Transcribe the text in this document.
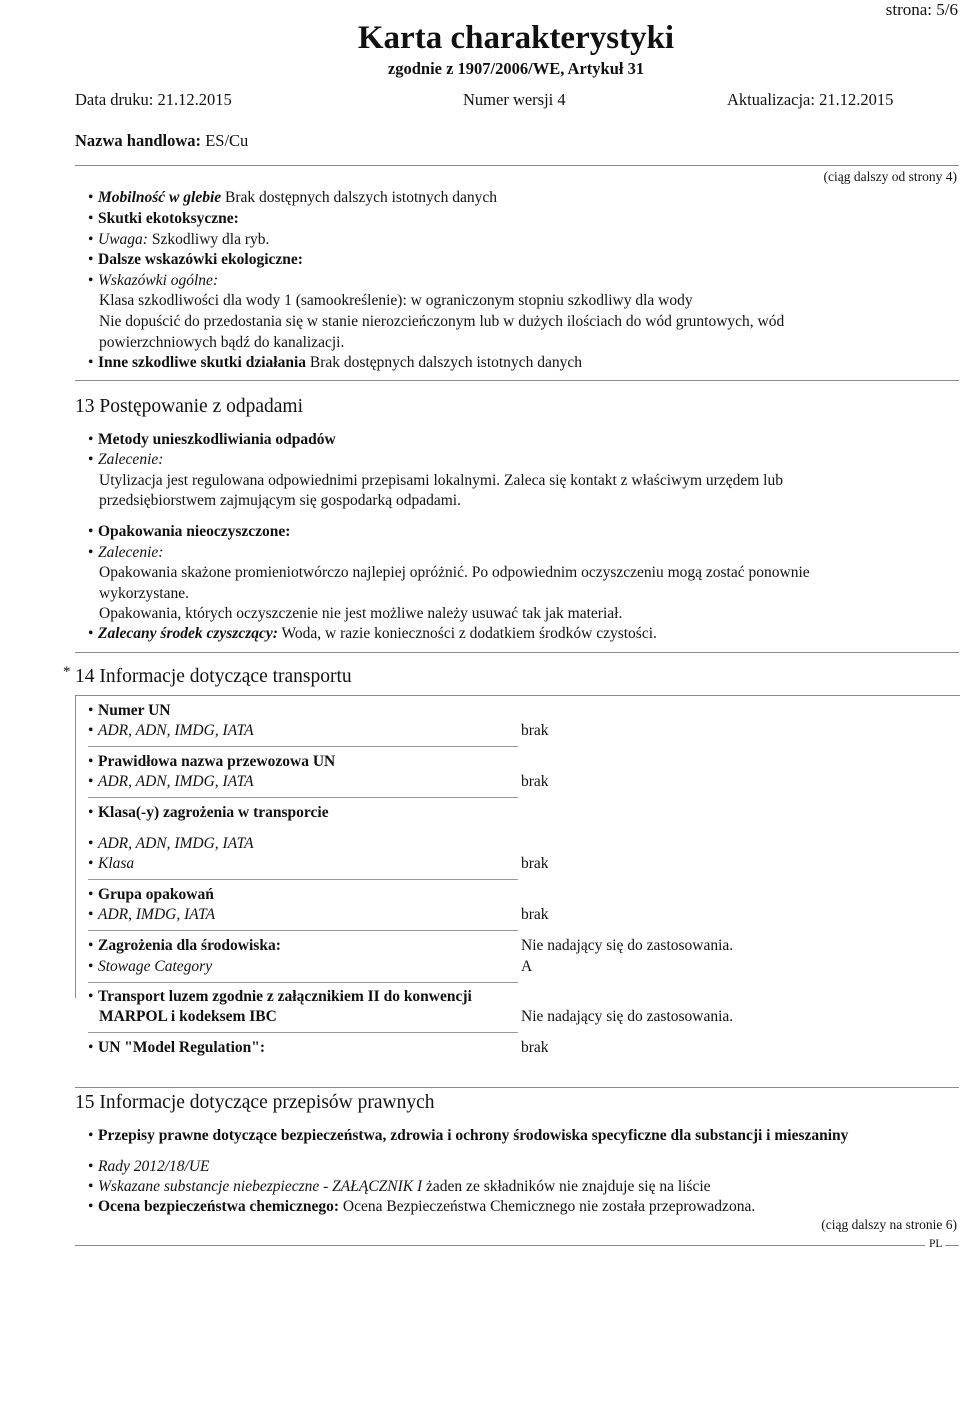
strona: 5/6
Karta charakterystyki
zgodnie z 1907/2006/WE, Artykuł 31
Data druku: 21.12.2015	Numer wersji 4	Aktualizacja: 21.12.2015
Nazwa handlowa: ES/Cu
(ciąg dalszy od strony 4)
• Mobilność w glebie Brak dostępnych dalszych istotnych danych
• Skutki ekotoksyczne:
• Uwaga: Szkodliwy dla ryb.
• Dalsze wskazówki ekologiczne:
• Wskazówki ogólne:
Klasa szkodliwości dla wody 1 (samookreślenie): w ograniczonym stopniu szkodliwy dla wody
Nie dopuścić do przedostania się w stanie nierozcieńczonym lub w dużych ilościach do wód gruntowych, wód
powierzchniowych bądź do kanalizacji.
• Inne szkodliwe skutki działania Brak dostępnych dalszych istotnych danych
13 Postępowanie z odpadami
• Metody unieszkodliwiania odpadów
• Zalecenie:
Utylizacja jest regulowana odpowiednimi przepisami lokalnymi. Zaleca się kontakt z właściwym urzędem lub
przedsiębiorstwem zajmującym się gospodarką odpadami.
• Opakowania nieoczyszczone:
• Zalecenie:
Opakowania skażone promieniotwórczo najlepiej opróżnić. Po odpowiednim oczyszczeniu mogą zostać ponownie
wykorzystane.
Opakowania, których oczyszczenie nie jest możliwe należy usuwać tak jak materiał.
• Zalecany środek czyszczący: Woda, w razie konieczności z dodatkiem środków czystości.
* 14 Informacje dotyczące transportu
• Numer UN
• ADR, ADN, IMDG, IATA	brak
• Prawidłowa nazwa przewozowa UN
• ADR, ADN, IMDG, IATA	brak
• Klasa(-y) zagrożenia w transporcie
• ADR, ADN, IMDG, IATA
• Klasa	brak
• Grupa opakowań
• ADR, IMDG, IATA	brak
• Zagrożenia dla środowiska:	Nie nadający się do zastosowania.
• Stowage Category	A
• Transport luzem zgodnie z załącznikiem II do konwencji
MARPOL i kodeksem IBC	Nie nadający się do zastosowania.
• UN "Model Regulation":	brak
15 Informacje dotyczące przepisów prawnych
• Przepisy prawne dotyczące bezpieczeństwa, zdrowia i ochrony środowiska specyficzne dla substancji i mieszaniny
• Rady 2012/18/UE
• Wskazane substancje niebezpieczne - ZAŁĄCZNIK I żaden ze składników nie znajduje się na liście
• Ocena bezpieczeństwa chemicznego: Ocena Bezpieczeństwa Chemicznego nie została przeprowadzona.
(ciąg dalszy na stronie 6)
PL
